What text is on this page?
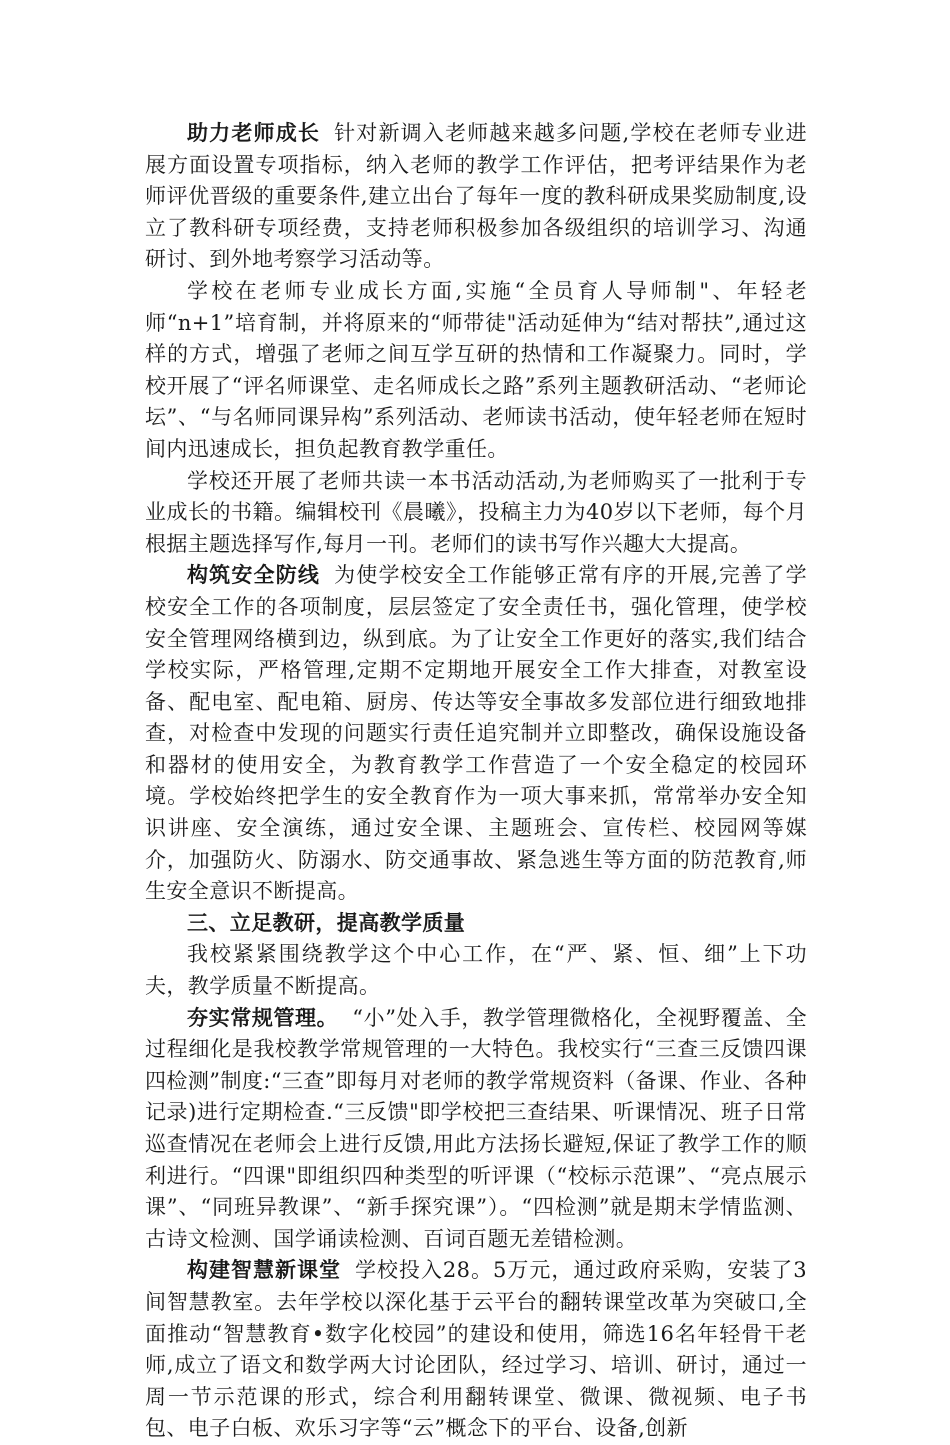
助力老师成长 针对新调入老师越来越多问题,学校在老师专业进展方面设置专项指标，纳入老师的教学工作评估，把考评结果作为老师评优晋级的重要条件,建立出台了每年一度的教科研成果奖励制度,设立了教科研专项经费，支持老师积极参加各级组织的培训学习、沟通研讨、到外地考察学习活动等。

学校在老师专业成长方面,实施“全员育人导师制"、年轻老师“n+1”培育制，并将原来的“师带徒"活动延伸为“结对帮扶”,通过这样的方式，增强了老师之间互学互研的热情和工作凝聚力。同时，学校开展了“评名师课堂、走名师成长之路”系列主题教研活动、“老师论坛”、“与名师同课异构”系列活动、老师读书活动，使年轻老师在短时间内迅速成长，担负起教育教学重任。

学校还开展了老师共读一本书活动活动,为老师购买了一批利于专业成长的书籍。编辑校刊《晨曦》，投稿主力为40岁以下老师，每个月根据主题选择写作,每月一刊。老师们的读书写作兴趣大大提高。

构筑安全防线 为使学校安全工作能够正常有序的开展,完善了学校安全工作的各项制度，层层签定了安全责任书，强化管理，使学校安全管理网络横到边，纵到底。为了让安全工作更好的落实,我们结合学校实际，严格管理,定期不定期地开展安全工作大排查，对教室设备、配电室、配电箱、厨房、传达等安全事故多发部位进行细致地排查，对检查中发现的问题实行责任追究制并立即整改，确保设施设备和器材的使用安全，为教育教学工作营造了一个安全稳定的校园环境。学校始终把学生的安全教育作为一项大事来抓，常常举办安全知识讲座、安全演练，通过安全课、主题班会、宣传栏、校园网等媒介，加强防火、防溺水、防交通事故、紧急逃生等方面的防范教育,师生安全意识不断提高。

三、立足教研，提高教学质量

我校紧紧围绕教学这个中心工作，在“严、紧、恒、细”上下功夫，教学质量不断提高。

夯实常规管理。 “小”处入手，教学管理微格化，全视野覆盖、全过程细化是我校教学常规管理的一大特色。我校实行“三查三反馈四课四检测”制度:“三查”即每月对老师的教学常规资料（备课、作业、各种记录)进行定期检查.“三反馈"即学校把三查结果、听课情况、班子日常巡查情况在老师会上进行反馈,用此方法扬长避短,保证了教学工作的顺利进行。“四课"即组织四种类型的听评课（“校标示范课”、“亮点展示课”、“同班异教课”、“新手探究课”）。“四检测”就是期末学情监测、古诗文检测、国学诵读检测、百词百题无差错检测。

构建智慧新课堂 学校投入28。5万元，通过政府采购，安装了3间智慧教室。去年学校以深化基于云平台的翻转课堂改革为突破口,全面推动“智慧教育•数字化校园”的建设和使用，筛选16名年轻骨干老师,成立了语文和数学两大讨论团队，经过学习、培训、研讨，通过一周一节示范课的形式，综合利用翻转课堂、微课、微视频、电子书包、电子白板、欢乐习字等“云”概念下的平台、设备,创新
